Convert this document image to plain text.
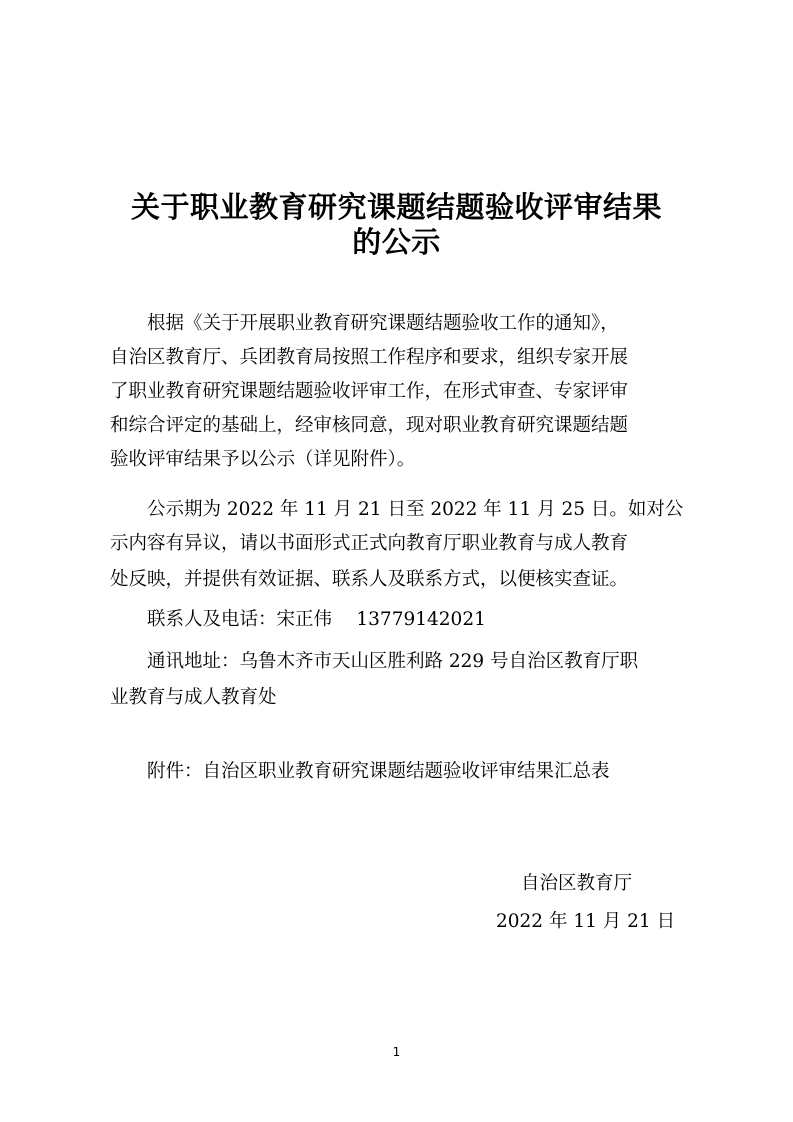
关于职业教育研究课题结题验收评审结果
的公示
根据《关于开展职业教育研究课题结题验收工作的通知》，
自治区教育厅、兵团教育局按照工作程序和要求，组织专家开展
了职业教育研究课题结题验收评审工作，在形式审查、专家评审
和综合评定的基础上，经审核同意，现对职业教育研究课题结题
验收评审结果予以公示（详见附件）。
公示期为 2022 年 11 月 21 日至 2022 年 11 月 25 日。如对公
示内容有异议，请以书面形式正式向教育厅职业教育与成人教育
处反映，并提供有效证据、联系人及联系方式，以便核实查证。
联系人及电话：宋正伟　 13779142021
通讯地址：乌鲁木齐市天山区胜利路 229 号自治区教育厅职
业教育与成人教育处
附件：自治区职业教育研究课题结题验收评审结果汇总表
自治区教育厅
2022 年 11 月 21 日
1
